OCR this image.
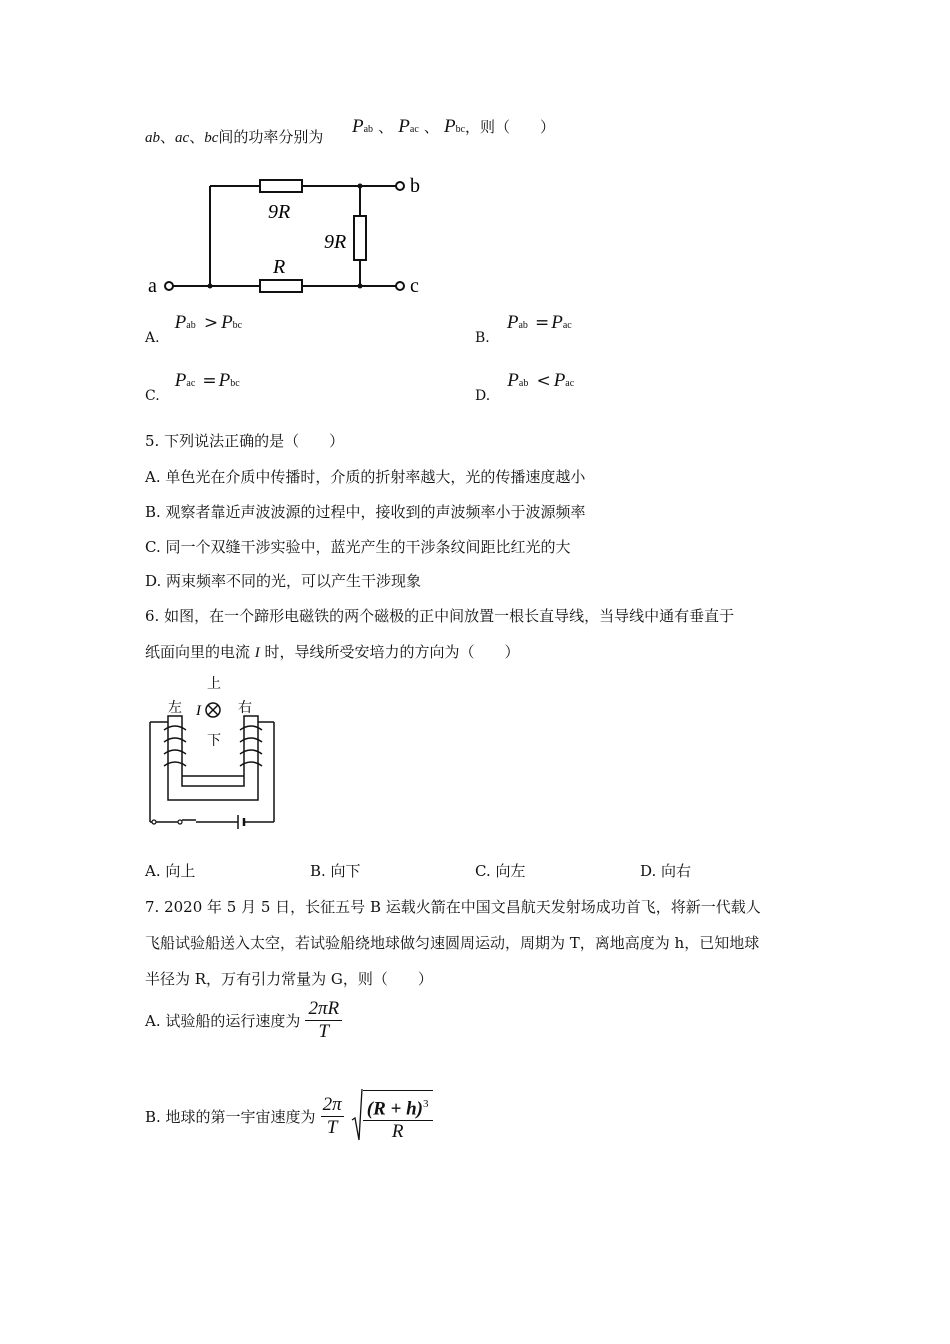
ab、ac、bc间的功率分别为 Pab 、 Pac 、 Pbc，则（　　）
a
b
c
9R
9R
R
A. Pab > Pbc
B. Pab = Pac
C. Pac = Pbc
D. Pab < Pac
5. 下列说法正确的是（　　）
A. 单色光在介质中传播时，介质的折射率越大，光的传播速度越小
B. 观察者靠近声波波源的过程中，接收到的声波频率小于波源频率
C. 同一个双缝干涉实验中，蓝光产生的干涉条纹间距比红光的大
D. 两束频率不同的光，可以产生干涉现象
6. 如图，在一个蹄形电磁铁的两个磁极的正中间放置一根长直导线，当导线中通有垂直于
纸面向里的电流 I 时，导线所受安培力的方向为（　　）
上
下
左	右
I
A. 向上	B. 向下	C. 向左	D. 向右
7. 2020 年 5 月 5 日，长征五号 B 运载火箭在中国文昌航天发射场成功首飞，将新一代载人
飞船试验船送入太空，若试验船绕地球做匀速圆周运动，周期为 T，离地高度为 h，已知地球
半径为 R，万有引力常量为 G，则（　　）
A. 试验船的运行速度为 $\frac{2\pi R}{T}$
B. 地球的第一宇宙速度为 $\frac{2\pi}{T}$
$\frac{(R + h)^3}{R}$
